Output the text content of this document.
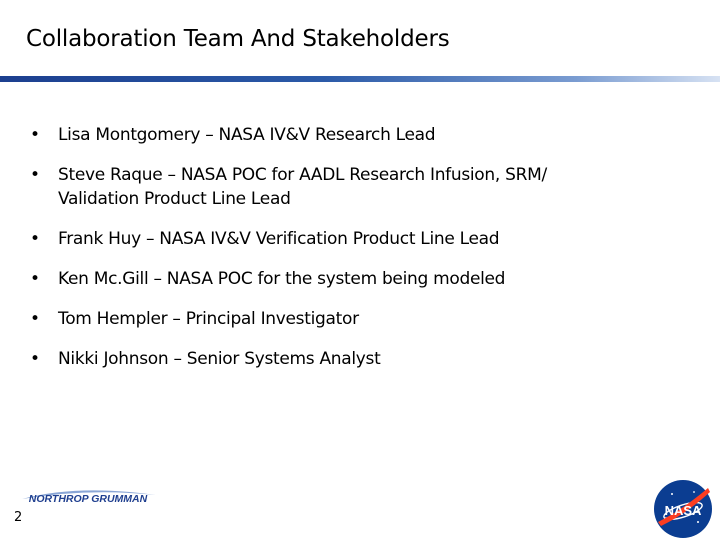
Collaboration Team And Stakeholders
• Lisa Montgomery – NASA IV&V Research Lead
• Steve Raque – NASA POC for AADL Research Infusion, SRM/ Validation Product Line Lead
• Frank Huy – NASA IV&V Verification Product Line Lead
• Ken Mc.Gill – NASA POC for the system being modeled
• Tom Hempler – Principal Investigator
• Nikki Johnson – Senior Systems Analyst
NORTHROP GRUMMAN
2	NASA
